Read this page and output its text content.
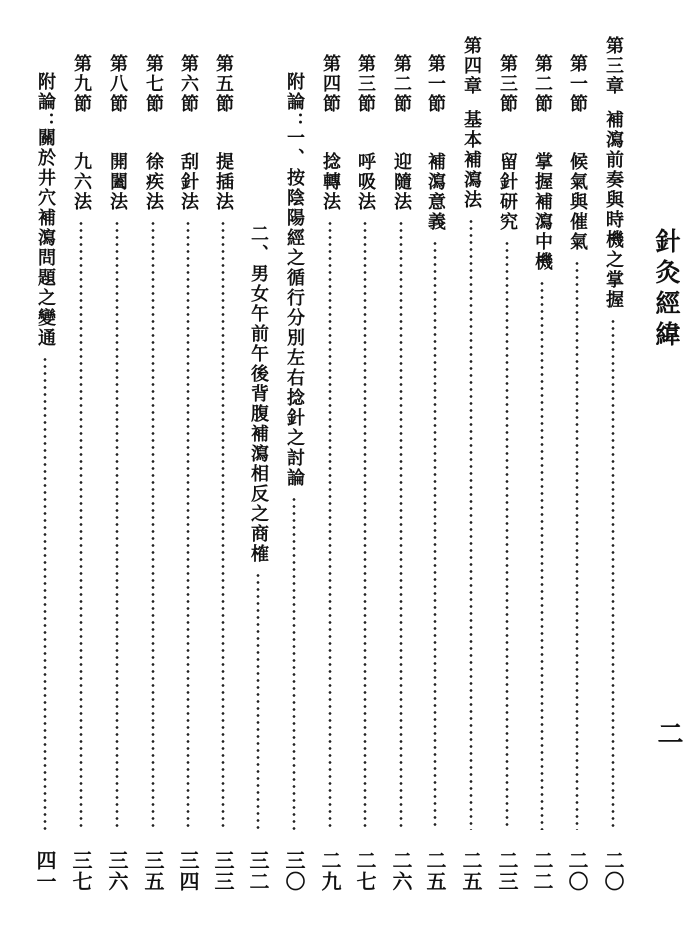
針灸經緯
二
第三章
補瀉前奏與時機之掌握
二〇
第一節
候氣與催氣
二〇
第二節
掌握補瀉中機
二二
第三節
留針研究
二三
第四章
基本補瀉法
二五
第一節
補瀉意義
二五
第二節
迎隨法
二六
第三節
呼吸法
二七
第四節
捻轉法
二九
附論：
一、按陰陽經之循行分別左右捻針之討論
三〇
二、男女午前午後背腹補瀉相反之商榷
三二
第五節
提插法
三三
第六節
刮針法
三四
第七節
徐疾法
三五
第八節
開闔法
三六
第九節
九六法
三七
附論：
關於井穴補瀉問題之變通
四一
